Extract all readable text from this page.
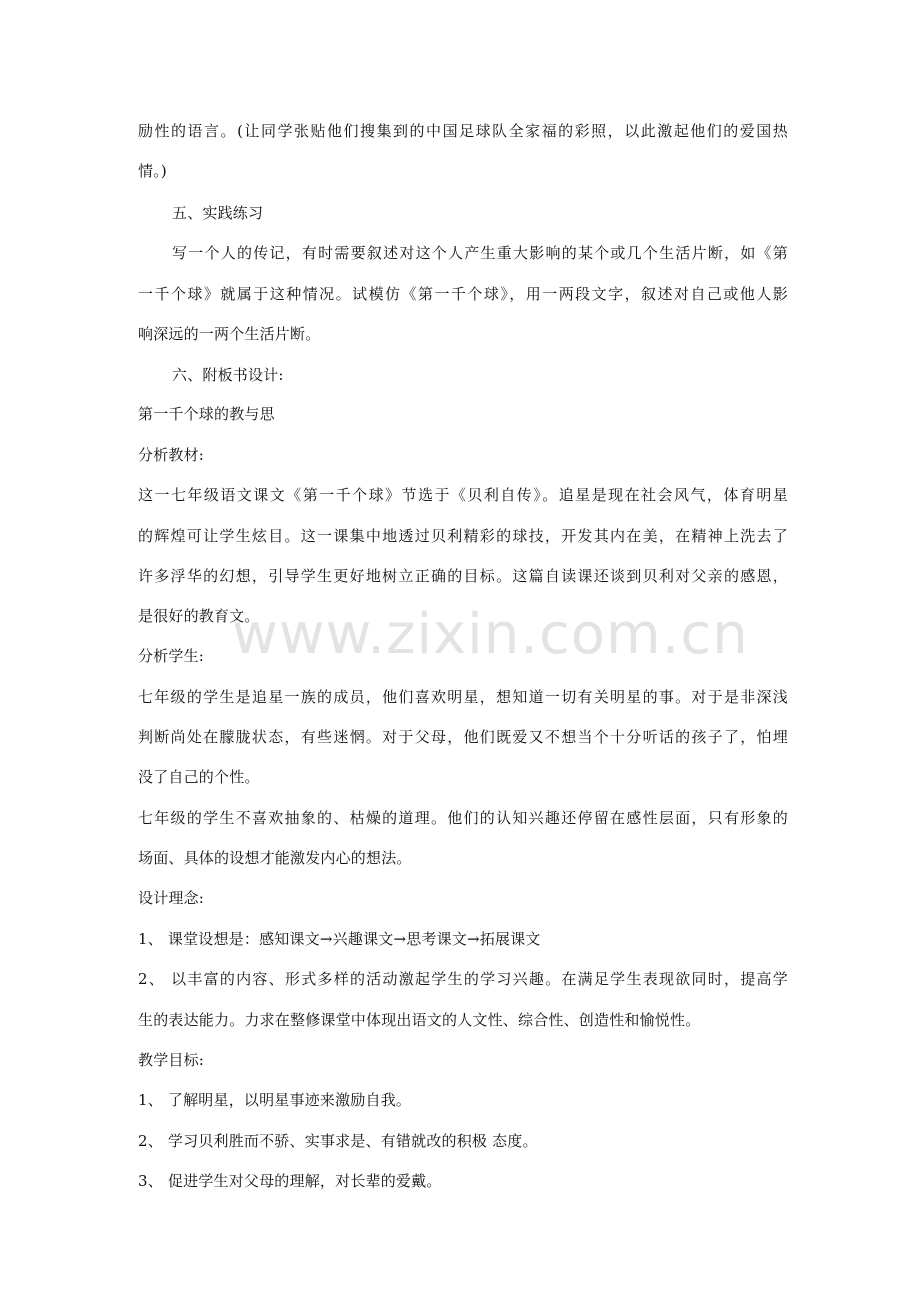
www.zixin.com.cn
励性的语言。(让同学张贴他们搜集到的中国足球队全家福的彩照，以此激起他们的爱国热
情。)
五、实践练习
写一个人的传记，有时需要叙述对这个人产生重大影响的某个或几个生活片断，如《第
一千个球》就属于这种情况。试模仿《第一千个球》，用一两段文字，叙述对自己或他人影
响深远的一两个生活片断。
六、附板书设计:
第一千个球的教与思
分析教材:
这一七年级语文课文《第一千个球》节选于《贝利自传》。追星是现在社会风气，体育明星
的辉煌可让学生炫目。这一课集中地透过贝利精彩的球技，开发其内在美，在精神上洗去了
许多浮华的幻想，引导学生更好地树立正确的目标。这篇自读课还谈到贝利对父亲的感恩，
是很好的教育文。
分析学生:
七年级的学生是追星一族的成员，他们喜欢明星，想知道一切有关明星的事。对于是非深浅
判断尚处在朦胧状态，有些迷惘。对于父母，他们既爱又不想当个十分听话的孩子了，怕埋
没了自己的个性。
七年级的学生不喜欢抽象的、枯燥的道理。他们的认知兴趣还停留在感性层面，只有形象的
场面、具体的设想才能激发内心的想法。
设计理念:
1、 课堂设想是：感知课文→兴趣课文→思考课文→拓展课文
2、 以丰富的内容、形式多样的活动激起学生的学习兴趣。在满足学生表现欲同时，提高学
生的表达能力。力求在整修课堂中体现出语文的人文性、综合性、创造性和愉悦性。
教学目标:
1、 了解明星，以明星事迹来激励自我。
2、 学习贝利胜而不骄、实事求是、有错就改的积极 态度。
3、 促进学生对父母的理解，对长辈的爱戴。
